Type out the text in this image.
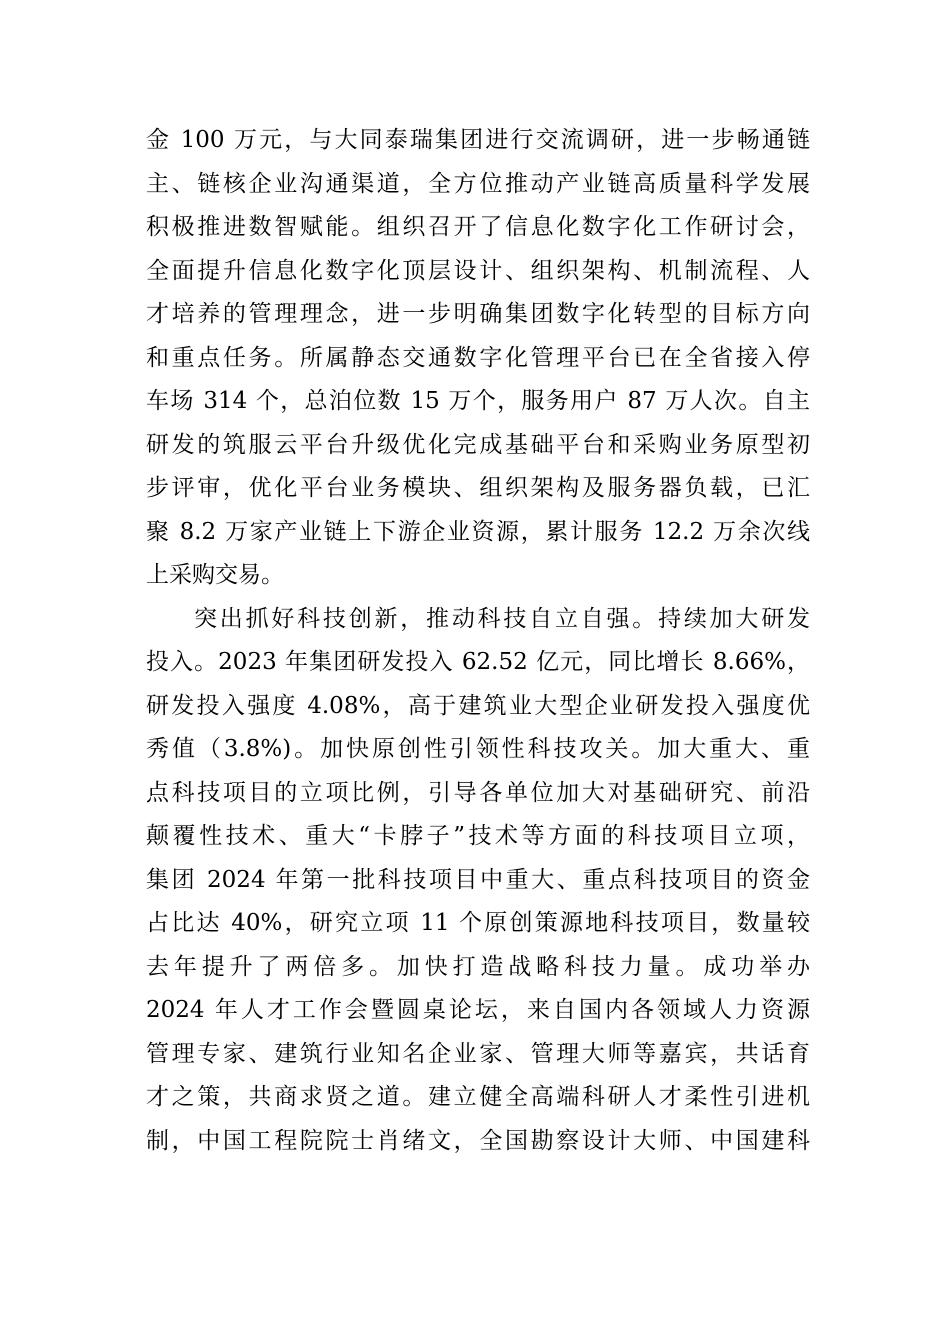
金 100 万元，与大同泰瑞集团进行交流调研，进一步畅通链
主、链核企业沟通渠道，全方位推动产业链高质量科学发展
积极推进数智赋能。组织召开了信息化数字化工作研讨会，
全面提升信息化数字化顶层设计、组织架构、机制流程、人
才培养的管理理念，进一步明确集团数字化转型的目标方向
和重点任务。所属静态交通数字化管理平台已在全省接入停
车场 314 个，总泊位数 15 万个，服务用户 87 万人次。自主
研发的筑服云平台升级优化完成基础平台和采购业务原型初
步评审，优化平台业务模块、组织架构及服务器负载，已汇
聚 8.2 万家产业链上下游企业资源，累计服务 12.2 万余次线
上采购交易。
突出抓好科技创新，推动科技自立自强。持续加大研发
投入。2023 年集团研发投入 62.52 亿元，同比增长 8.66%，
研发投入强度 4.08%，高于建筑业大型企业研发投入强度优
秀值（3.8%)。加快原创性引领性科技攻关。加大重大、重
点科技项目的立项比例，引导各单位加大对基础研究、前沿
颠覆性技术、重大“卡脖子”技术等方面的科技项目立项，
集团 2024 年第一批科技项目中重大、重点科技项目的资金
占比达 40%，研究立项 11 个原创策源地科技项目，数量较
去年提升了两倍多。加快打造战略科技力量。成功举办
2024 年人才工作会暨圆桌论坛，来自国内各领域人力资源
管理专家、建筑行业知名企业家、管理大师等嘉宾，共话育
才之策，共商求贤之道。建立健全高端科研人才柔性引进机
制，中国工程院院士肖绪文，全国勘察设计大师、中国建科
